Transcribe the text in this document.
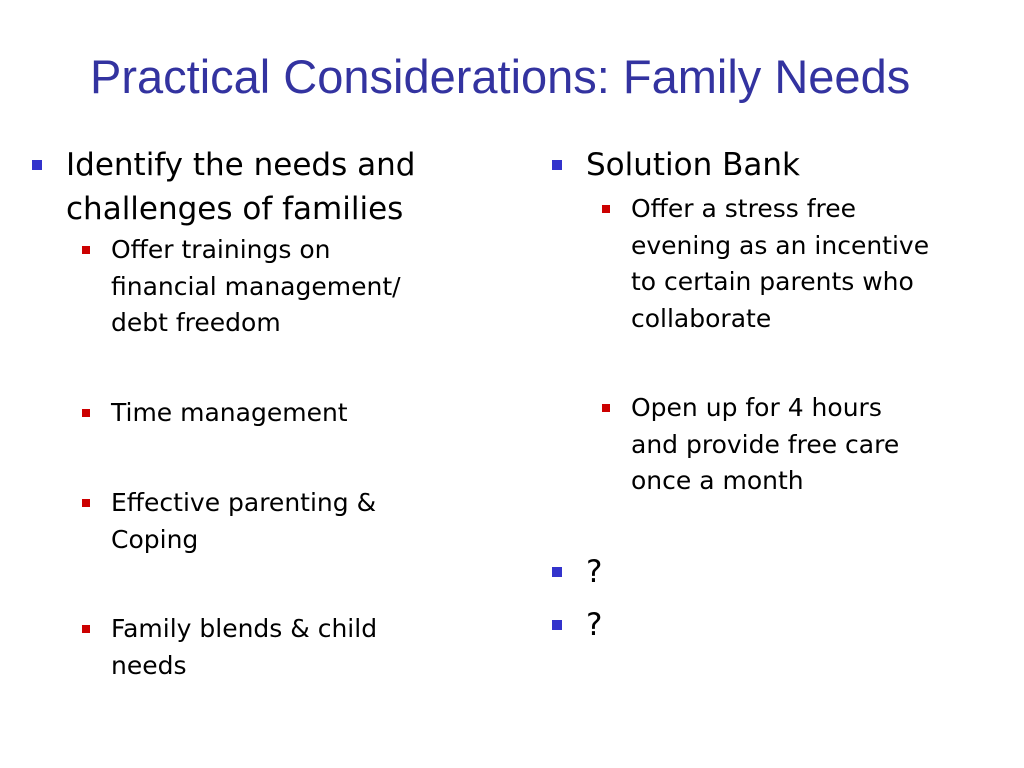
Practical Considerations: Family Needs
Identify the needs and
challenges of families
Offer trainings on
financial management/
debt freedom
Time management
Effective parenting &
Coping
Family blends & child
needs
Solution Bank
Offer a stress free
evening as an incentive
to certain parents who
collaborate
Open up for 4 hours
and provide free care
once a month
?
?
